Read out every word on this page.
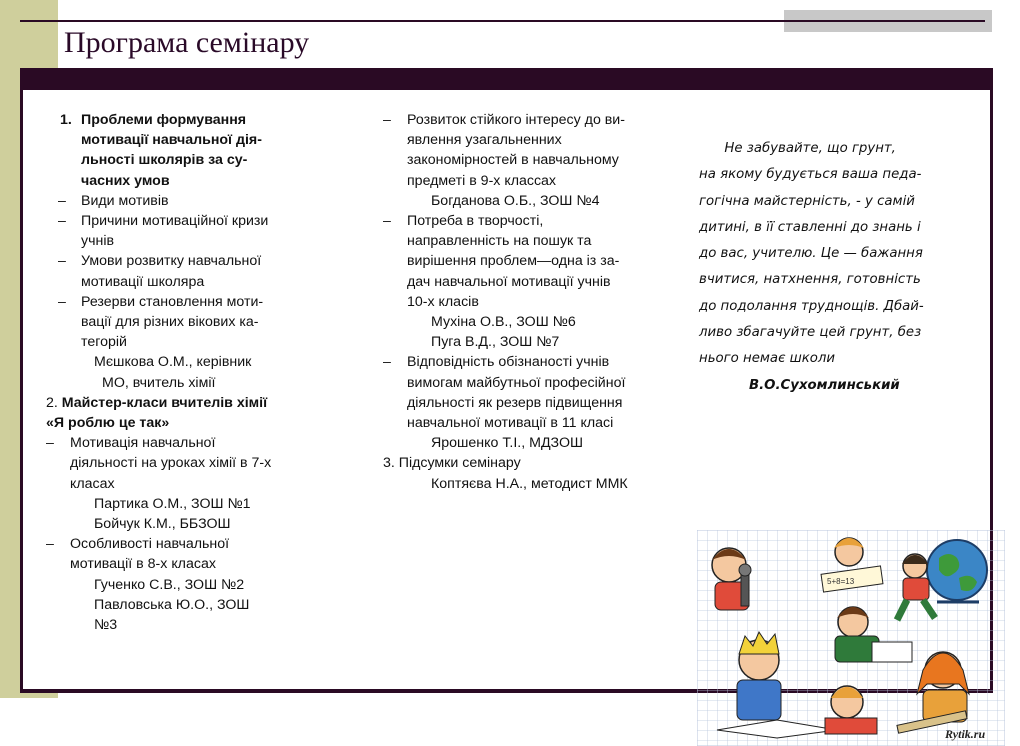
Програма семінару
1. Проблеми формування
мотивації навчальної дія-
льності школярів за су-
часних умов
– Види мотивів
– Причини мотиваційної кризи
учнів
– Умови розвитку навчальної
мотивації школяра
– Резерви становлення моти-
вації для різних вікових ка-
тегорій
Мєшкова О.М., керівник
МО, вчитель хімії
2. Майстер-класи вчителів хімії
«Я роблю це так»
– Мотивація навчальної
діяльності на уроках хімії в 7-х
класах
Партика О.М., ЗОШ №1
Бойчук К.М., ББЗОШ
– Особливості навчальної
мотивації в 8-х класах
Гученко С.В., ЗОШ №2
Павловська Ю.О., ЗОШ
№3
– Розвиток стійкого інтересу до ви-
явлення узагальненних
закономірностей в навчальному
предметі в 9-х классах
Богданова О.Б., ЗОШ №4
– Потреба в творчості,
направленність на пошук та
вирішення проблем—одна із за-
дач навчальної мотивації учнів
10-х класів
Мухіна О.В., ЗОШ №6
Пуга В.Д., ЗОШ №7
– Відповідність обізнаності учнів
вимогам майбутньої професійної
діяльності як резерв підвищення
навчальної мотивації в 11 класі
Ярошенко Т.І., МДЗОШ
3. Підсумки семінару
Коптяєва Н.А., методист ММК

Не забувайте, що грунт,

на якому будується ваша педа-

гогічна майстерність, - у самій

дитині, в її ставленні до знань і

до вас, учителю. Це — бажання

вчитися, натхнення, готовність

до подолання труднощів. Дбай-

ливо збагачуйте цей грунт, без

нього немає школи

В.О.Сухомлинський

5+8=13
Rytik.ru
